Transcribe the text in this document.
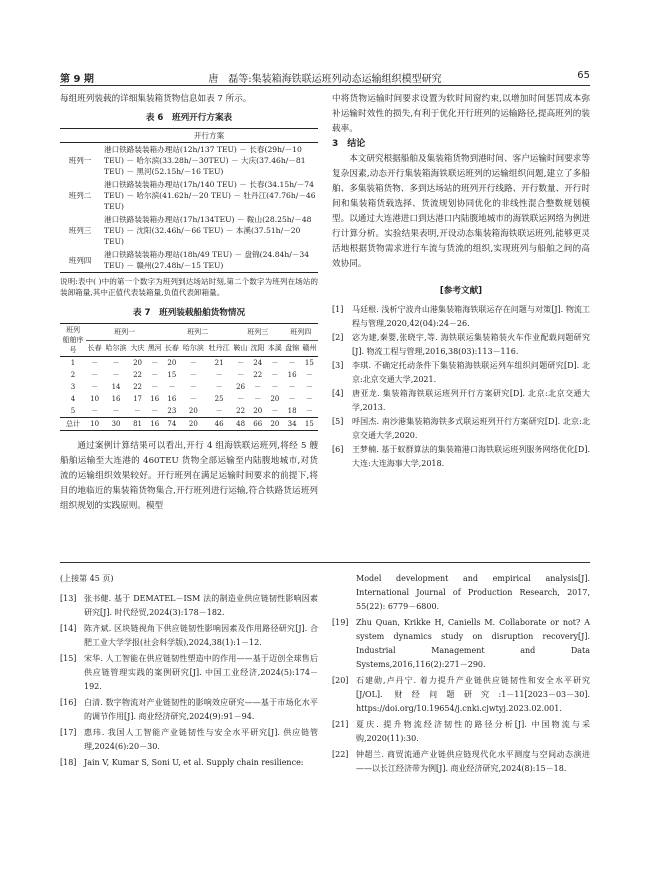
第 9 期	唐　磊等:集装箱海铁联运班列动态运输组织模型研究	65

每组班列装载的详细集装箱货物信息如表 7 所示。

表 6　班列开行方案表
	开行方案
班列一	港口铁路装装箱办理站(12h/137 TEU) － 长春(29h/－10 TEU) － 哈尔滨(33.28h/－30TEU) － 大庆(37.46h/－81 TEU) － 黑河(52.15h/－16 TEU)
班列二	港口铁路装装箱办理站(17h/140 TEU) － 长春(34.15h/－74 TEU) － 哈尔滨(41.62h/－20 TEU) － 牡丹江(47.76h/－46 TEU)
班列三	港口铁路装装箱办理站(17h/134TEU) － 鞍山(28.25h/－48 TEU) － 沈阳(32.46h/－66 TEU) － 本溪(37.51h/－20 TEU)
班列四	港口铁路装装箱办理站(18h/49 TEU) － 盘锦(24.84h/－34 TEU) － 赣州(27.48h/－15 TEU)
说明:表中( )中的第一个数字为班列到达场站时刻,第二个数字为班列在场站的装卸箱量,其中正值代表装箱量,负值代表卸箱量。
表 7　班列装载船舶货物情况
班列
船舶序号	班列一				班列二			班列三			班列四	
	长春	哈尔滨	大庆	黑河	长春	哈尔滨	牡丹江	鞍山	沈阳	本溪	盘锦	赣州
1	－	－	20	－	20	－	21	－	24	－	－	15
2	－	－	22	－	15	－	－	－	22	－	16	－
3	－	14	22	－	－	－	－	26	－	－	－	－
4	10	16	17	16	16	－	25	－	－	20	－	－
5	－	－	－	－	23	20	－	22	20	－	18	－
总计	10	30	81	16	74	20	46	48	66	20	34	15

通过案例计算结果可以看出,开行 4 组海铁联运班列,将经 5 艘船舶运输至大连港的 460TEU 货物全部运输至内陆腹地城市,对货流的运输组织效果较好。开行班列在满足运输时间要求的前提下,将目的地临近的集装箱货物集合,开行班列进行运输,符合铁路货运班列组织规划的实践原则。模型

中将货物运输时间要求设置为软时间窗约束,以增加时间惩罚成本弥补运输时效性的损失,有利于优化开行班列的运输路径,提高班列的装载率。

3　结论

本文研究根据船舶及集装箱货物到港时间、客户运输时间要求等复杂因素,动态开行集装箱海铁联运班列的运输组织问题,建立了多船舶、多集装箱货物、多到达场站的班列开行线路、开行数量、开行时间和集装箱货载选择、货流规划协同优化的非线性混合整数规划模型。以通过大连港进口到达港口内陆腹地城市的海铁联运网络为例进行计算分析。实验结果表明,开设动态集装箱海铁联运班列,能够更灵活地根据货物需求进行车流与货流的组织,实现班列与船舶之间的高效协同。

[参考文献]
[1] 马廷根. 浅析宁波舟山港集装箱海铁联运存在问题与对策[J]. 物流工程与管理,2020,42(04):24－26.
[2] 宓为建,秦婴,张晓宇,等. 海铁联运集装箱装火车作业配载问题研究[J]. 物流工程与管理,2016,38(03):113－116.
[3] 李琪. 不确定托动条件下集装箱海铁联运列车组织问题研究[D]. 北京:北京交通大学,2021.
[4] 唐亚龙. 集装箱海铁联运班列开行方案研究[D]. 北京:北京交通大学,2013.
[5] 呼国杰. 南沙港集装箱海铁多式联运班列开行方案研究[D]. 北京:北京交通大学,2020.
[6] 王梦楠. 基于蚁群算法的集装箱港口海铁联运班列服务网络优化[D]. 大连:大连海事大学,2018.
(上接第 45 页)
[13] 张书健. 基于 DEMATEL－ISM 法的制造业供应链韧性影响因素研究[J]. 时代经贸,2024(3):178－182.
[14] 陈齐斌. 区块链视角下供应链韧性影响因素及作用路径研究[J]. 合肥工业大学学报(社会科学版),2024,38(1):1－12.
[15] 宋华. 人工智能在供应链韧性塑造中的作用——基于迈创全球售后供应链管理实践的案例研究[J]. 中国工业经济,2024(5):174－192.
[16] 白清. 数字物流对产业链韧性的影响效应研究——基于市场化水平的调节作用[J]. 商业经济研究,2024(9):91－94.
[17] 惠玮. 我国人工智能产业链韧性与安全水平研究[J]. 供应链管理,2024(6):20－30.
[18] Jain V, Kumar S, Soni U, et al. Supply chain resilience:
Model development and empirical analysis[J]. International Journal of Production Research, 2017, 55(22): 6779－6800.
[19] Zhu Quan, Krikke H, Caniells M. Collaborate or not? A system dynamics study on disruption recovery[J]. Industrial Management and Data Systems,2016,116(2):271－290.
[20] 石建勋,卢丹宁. 着力提升产业链供应链韧性和安全水平研究[J/OL]. 财经问题研究:1－11[2023－03－30]. https://doi.org/10.19654/j.cnki.cjwtyj.2023.02.001.
[21] 夏庆. 提升物流经济韧性的路径分析[J]. 中国物流与采购,2020(11):30.
[22] 钟超兰. 商贸流通产业链供应链现代化水平测度与空间动态演进——以长江经济带为例[J]. 商业经济研究,2024(8):15－18.
